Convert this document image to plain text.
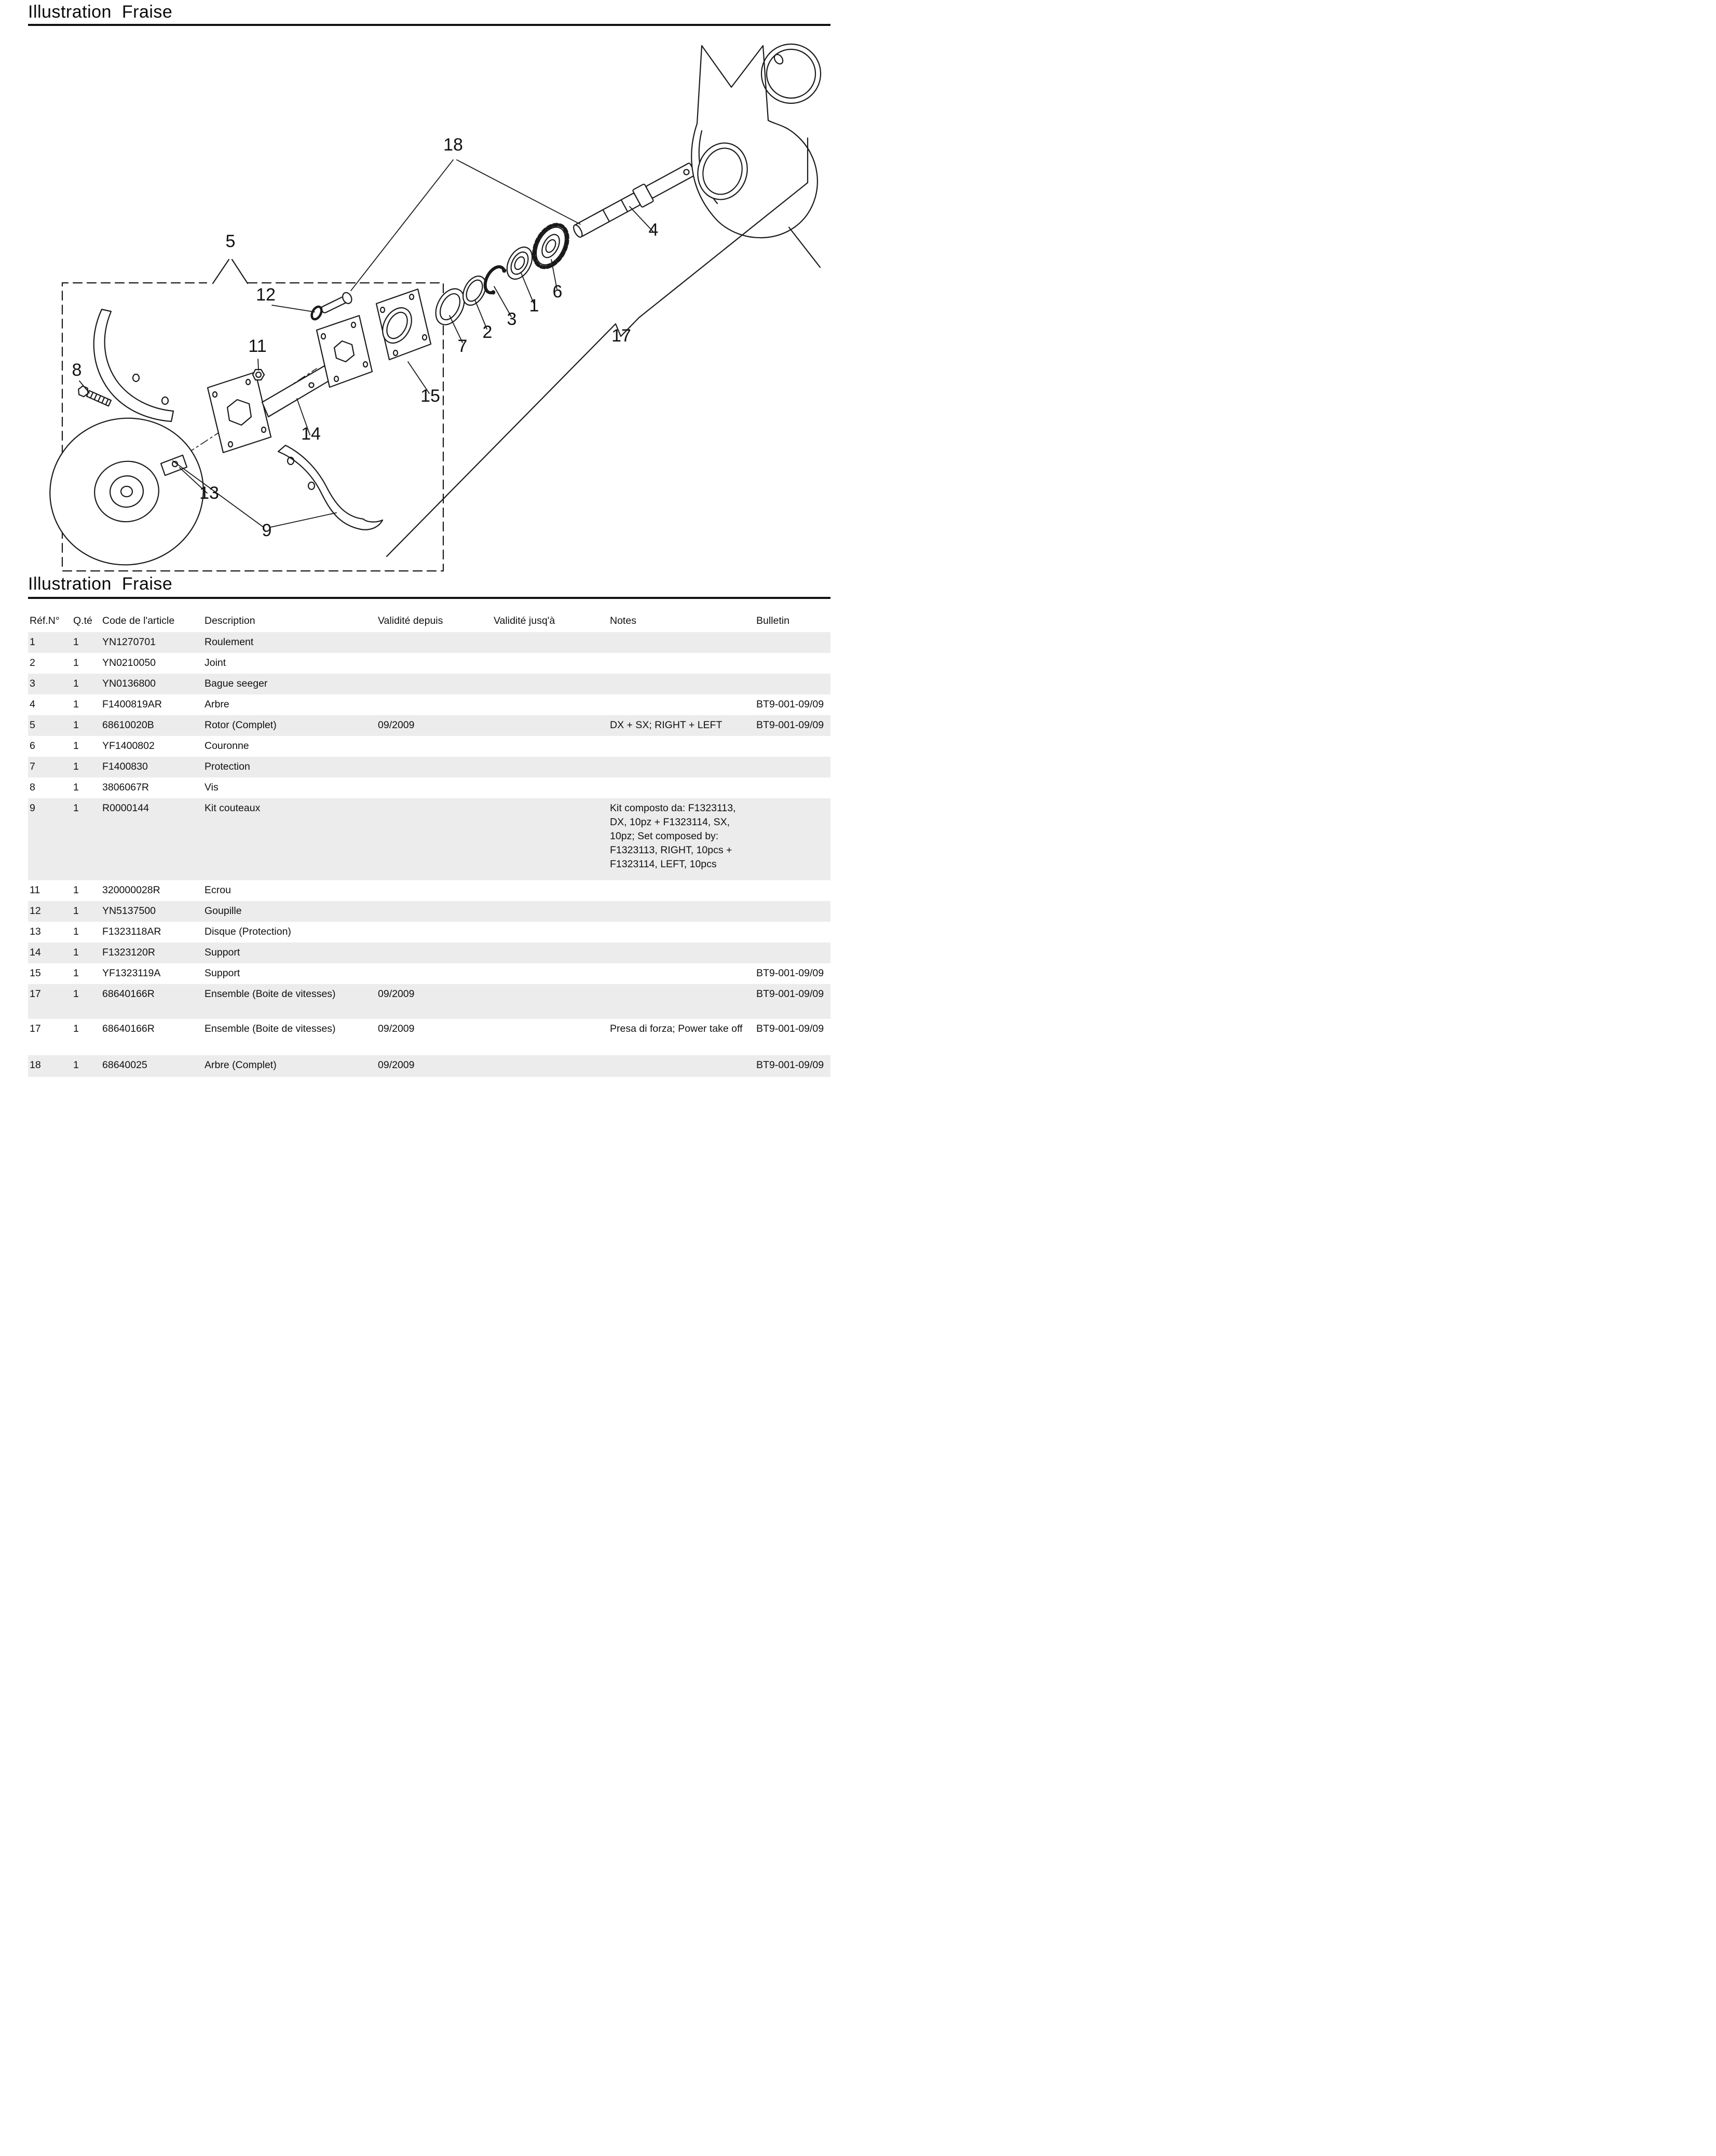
Illustration  Fraise
18
4
5
12
11
8
7
2
3
1
6
17
15
14
13
9
Illustration  Fraise
Réf.N°	Q.té	Code de l'article	Description	Validité depuis	Validité jusq'à	Notes	Bulletin
1	1	YN1270701	Roulement				
2	1	YN0210050	Joint				
3	1	YN0136800	Bague seeger				
4	1	F1400819AR	Arbre				BT9-001-09/09
5	1	68610020B	Rotor (Complet)	09/2009		DX + SX; RIGHT + LEFT	BT9-001-09/09
6	1	YF1400802	Couronne				
7	1	F1400830	Protection				
8	1	3806067R	Vis				
9	1	R0000144	Kit couteaux			Kit composto da: F1323113, DX, 10pz + F1323114, SX, 10pz; Set composed by: F1323113, RIGHT, 10pcs + F1323114, LEFT, 10pcs	
11	1	320000028R	Ecrou				
12	1	YN5137500	Goupille				
13	1	F1323118AR	Disque (Protection)				
14	1	F1323120R	Support				
15	1	YF1323119A	Support				BT9-001-09/09
17	1	68640166R	Ensemble (Boite de vitesses)	09/2009			BT9-001-09/09
17	1	68640166R	Ensemble (Boite de vitesses)	09/2009		Presa di forza; Power take off	BT9-001-09/09
18	1	68640025	Arbre (Complet)	09/2009			BT9-001-09/09
